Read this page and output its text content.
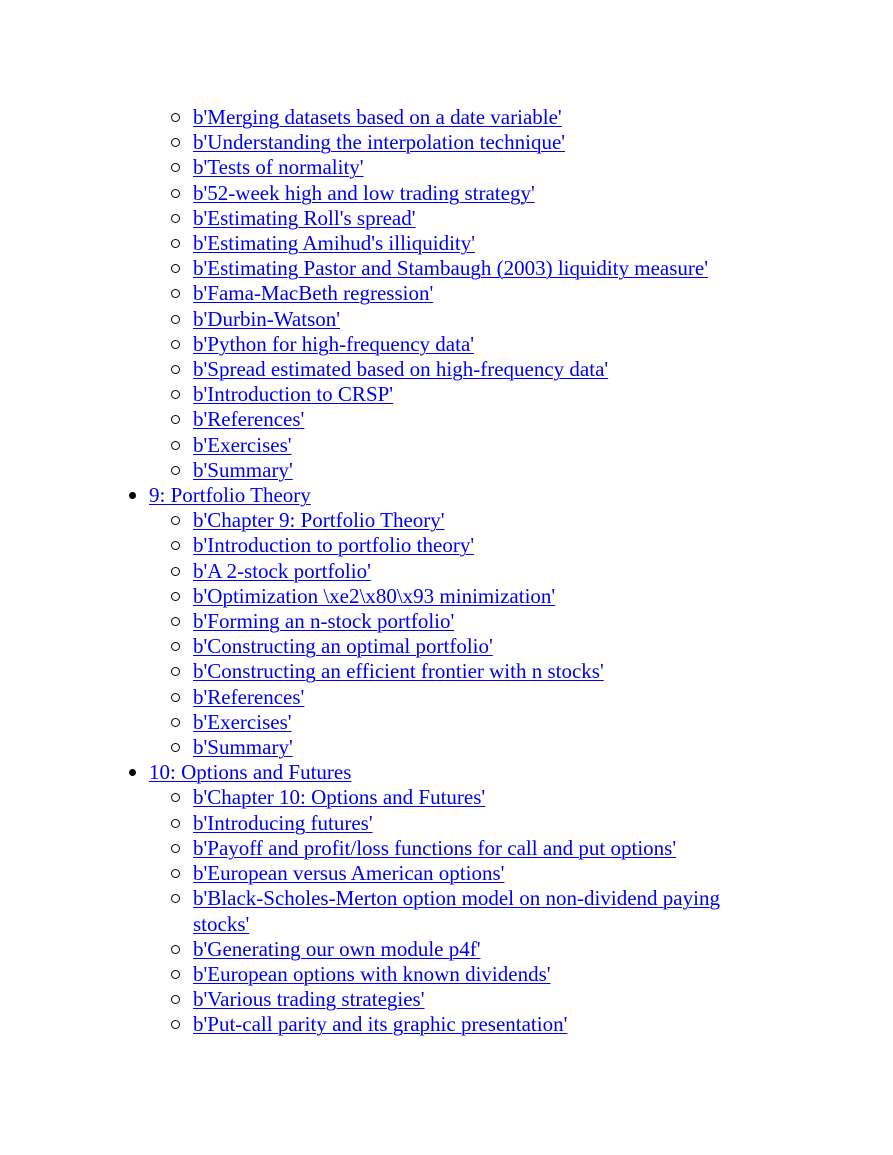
b'Merging datasets based on a date variable'
b'Understanding the interpolation technique'
b'Tests of normality'
b'52-week high and low trading strategy'
b'Estimating Roll's spread'
b'Estimating Amihud's illiquidity'
b'Estimating Pastor and Stambaugh (2003) liquidity measure'
b'Fama-MacBeth regression'
b'Durbin-Watson'
b'Python for high-frequency data'
b'Spread estimated based on high-frequency data'
b'Introduction to CRSP'
b'References'
b'Exercises'
b'Summary'
9: Portfolio Theory
b'Chapter 9: Portfolio Theory'
b'Introduction to portfolio theory'
b'A 2-stock portfolio'
b'Optimization \xe2\x80\x93 minimization'
b'Forming an n-stock portfolio'
b'Constructing an optimal portfolio'
b'Constructing an efficient frontier with n stocks'
b'References'
b'Exercises'
b'Summary'
10: Options and Futures
b'Chapter 10: Options and Futures'
b'Introducing futures'
b'Payoff and profit/loss functions for call and put options'
b'European versus American options'
b'Black-Scholes-Merton option model on non-dividend paying stocks'
b'Generating our own module p4f'
b'European options with known dividends'
b'Various trading strategies'
b'Put-call parity and its graphic presentation'
